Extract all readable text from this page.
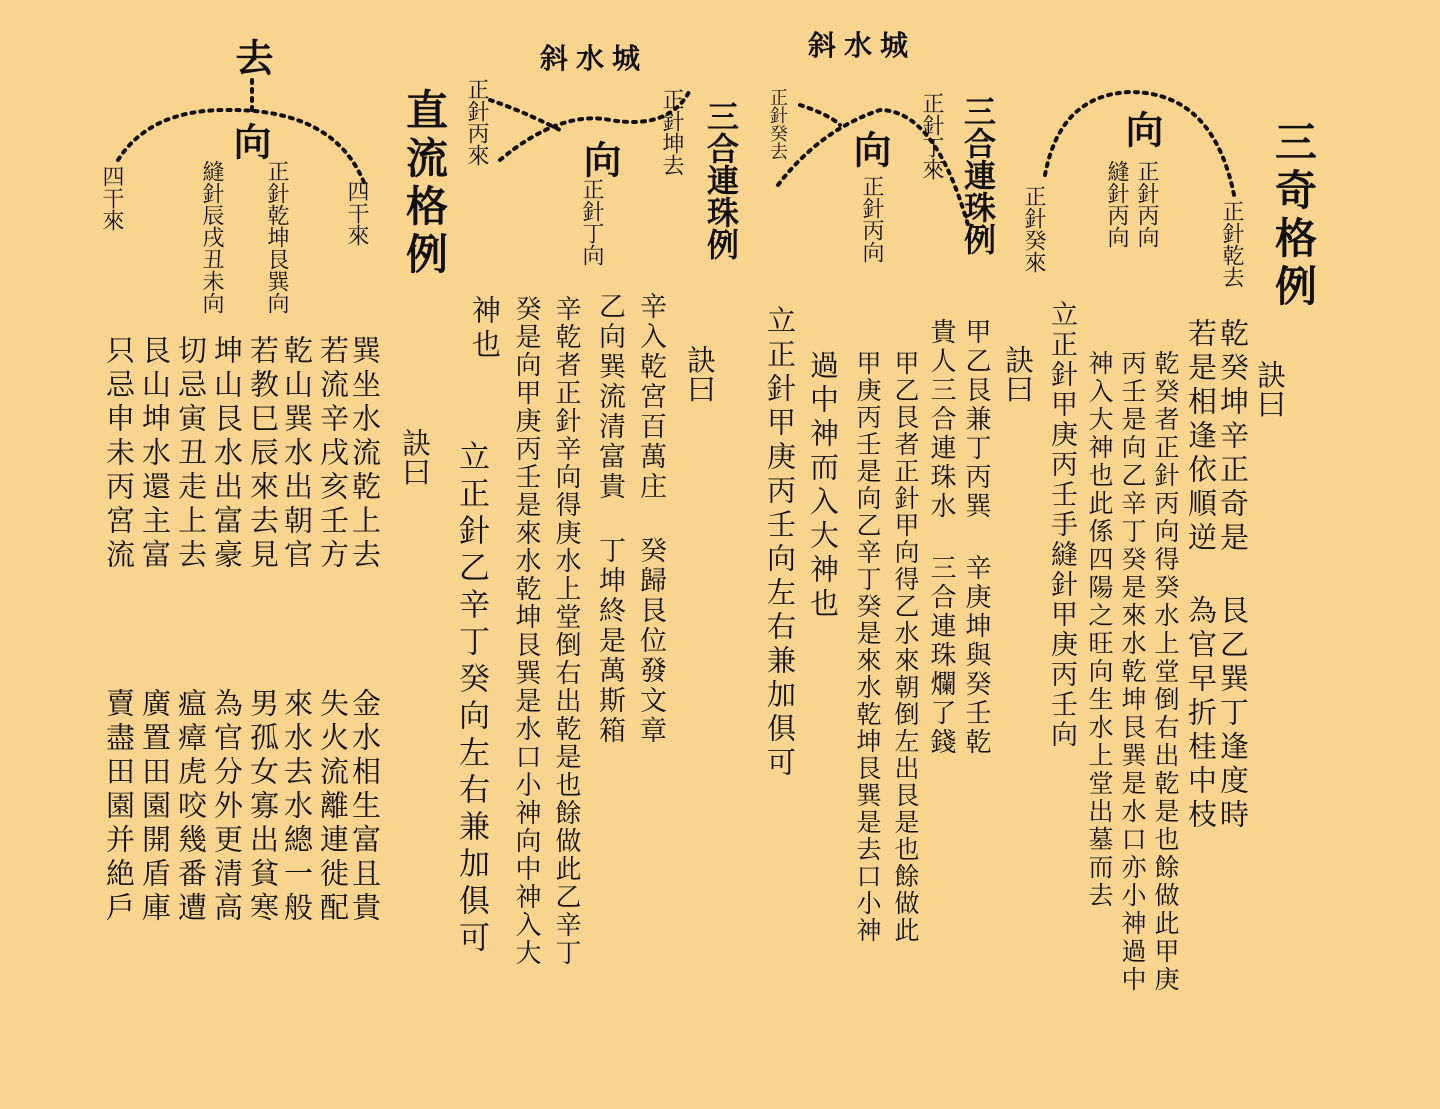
三奇格例
向
正針丙向
縫針丙向	正針乾去
正針癸來
斜水城
三合連珠例
向
正針丙向
正針丁來
正針癸去
斜水城
三合連珠例
向
正針丁向
正針坤去
正針丙來
直流格例
去
向
正針乾坤艮巽向
縫針辰戌丑未向	四干來
四干來
訣曰
乾癸坤辛正奇是 艮乙巽丁逢度時
若是相逢依順逆 為官早折桂中枝
乾癸者正針丙向得癸水上堂倒右出乾是也餘做此甲庚
丙壬是向乙辛丁癸是來水乾坤艮巽是水口亦小神過中
神入大神也此係四陽之旺向生水上堂出墓而去
立正針甲庚丙壬手縫針甲庚丙壬向
訣曰
甲乙艮兼丁丙巽 辛庚坤與癸壬乾
貴人三合連珠水 三合連珠爛了錢
甲乙艮者正針甲向得乙水來朝倒左出艮是也餘做此
甲庚丙壬是向乙辛丁癸是來水乾坤艮巽是去口小神
過中神而入大神也
立正針甲庚丙壬向左右兼加俱可
訣曰
辛入乾宮百萬庄 癸歸艮位發文章
乙向巽流清富貴 丁坤終是萬斯箱
辛乾者正針辛向得庚水上堂倒右出乾是也餘做此乙辛丁
癸是向甲庚丙壬是來水乾坤艮巽是水口小神向中神入大
神也
立正針乙辛丁癸向左右兼加俱可
訣曰
巽坐水流乾上去
金水相生富且貴
若流辛戌亥壬方
失火流離連徙配
乾山巽水出朝官
來水去水總一般
若教巳辰來去見
男孤女寡出貧寒
坤山艮水出富豪
為官分外更清高
切忌寅丑走上去
瘟瘴虎咬幾番遭
艮山坤水還主富
廣置田園開盾庫
只忌申未丙宮流
賣盡田園并絶戶
